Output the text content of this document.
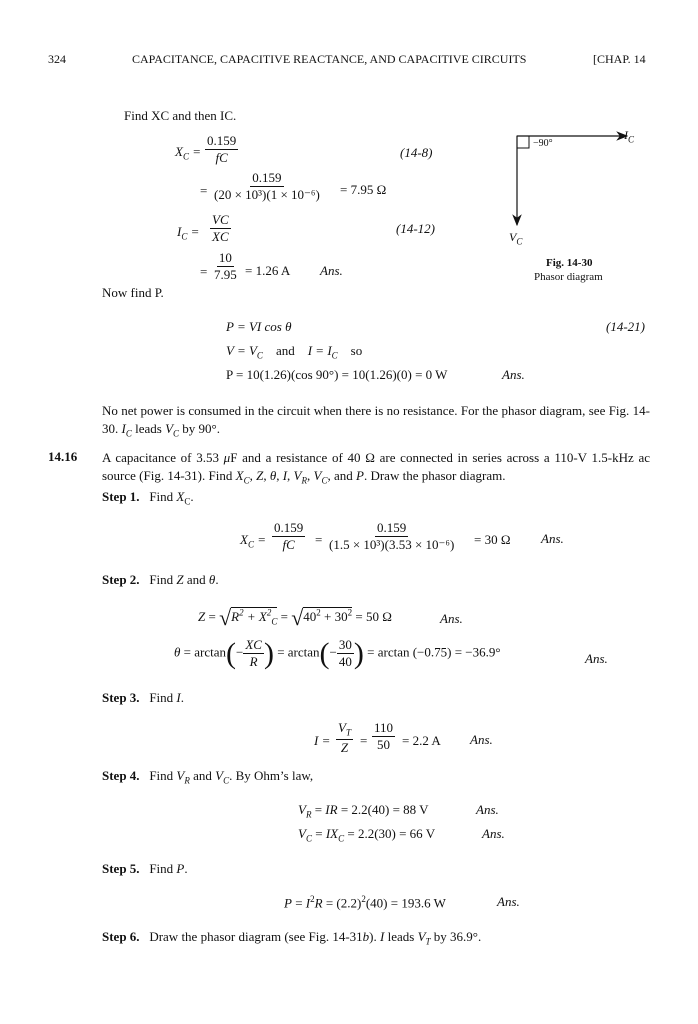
324	CAPACITANCE, CAPACITIVE REACTANCE, AND CAPACITIVE CIRCUITS	[CHAP. 14
Find XC and then IC.
$X_C = \frac{0.159}{fC}$	(14-8)
= $\frac{0.159}{\text{(20 × 10³)(1 × 10⁻⁶)}} = 7.95$ Ω
$I_C = \frac{VC}{XC}$	(14-12)
= $\frac{10}{7.95} = 1.26$ A Ans.
Now find P.
−90°
$I_C$
$V_C$
Fig. 14-30
Phasor diagram
P = VI cos θ	(14-21)
$V = V_C$ and $I = I_C$ so
P = 10(1.26)(cos 90°) = 10(1.26)(0) = 0 W	Ans.
No net power is consumed in the circuit when there is no resistance. For the phasor diagram, see Fig. 14-30. $I_C$ leads $V_C$ by 90°.
14.16 A capacitance of 3.53 μF and a resistance of 40 Ω are connected in series across a 110-V 1.5-kHz ac source (Fig. 14-31). Find $X_C$, Z, θ, I, $V_R$, $V_C$, and P. Draw the phasor diagram.
Step 1.   Find $X_C$.
$X_C = \frac{0.159}{fC} = \frac{0.159}{\text{(1.5 × 10³)(3.53 × 10⁻⁶)}} = 30$ Ω Ans.
Step 2.   Find Z and θ.
$Z = √R^2 + X^2_C = √40^2 + 30^2 = 50$ Ω	Ans.
$\theta = \arctan(- \frac{XC}{R}$ ) = $\arctan(- \frac{30}{40}$ ) = arctan (−0.75) = −36.9°	Ans.
Step 3.   Find I.
$I = \frac{V_T}{Z} = \frac{110}{50} = 2.2$ A Ans.
Step 4.   Find $V_R$ and $V_C$. By Ohm’s law,
$V_R$ = IR = 2.2(40) = 88 V	Ans.
$V_C = IX_C = 2.2(30) = 66$ V	Ans.
Step 5.   Find P.
$P = I^2R = (2.2)^2(40) = 193.6$ W	Ans.
Step 6.   Draw the phasor diagram (see Fig. 14-31b). I leads $V_T$ by 36.9°.
